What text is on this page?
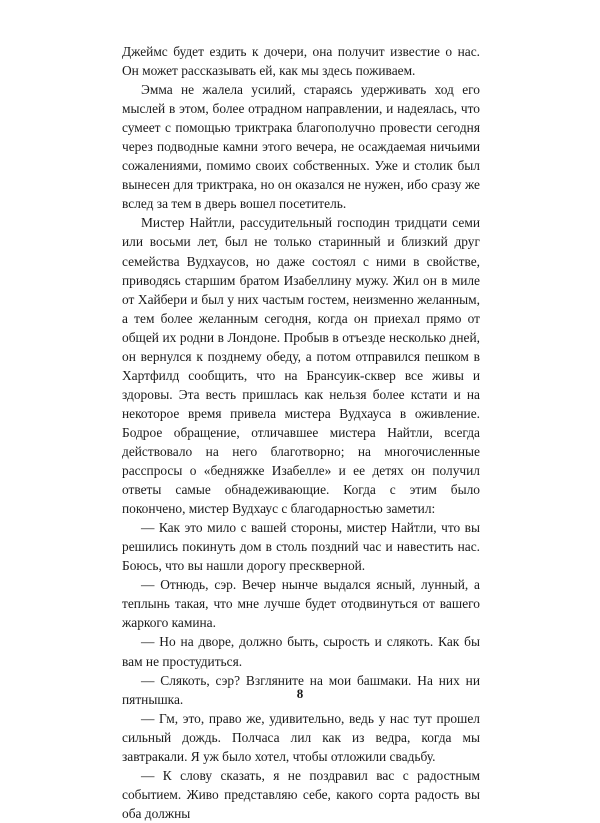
Джеймс будет ездить к дочери, она получит известие о нас. Он может рассказывать ей, как мы здесь поживаем.

Эмма не жалела усилий, стараясь удерживать ход его мыслей в этом, более отрадном направлении, и надеялась, что сумеет с помощью триктрака благополучно провести сегодня через подводные камни этого вечера, не осаждаемая ничьими сожалениями, помимо своих собственных. Уже и столик был вынесен для триктрака, но он оказался не нужен, ибо сразу же вслед за тем в дверь вошел посетитель.

Мистер Найтли, рассудительный господин тридцати семи или восьми лет, был не только старинный и близкий друг семейства Вудхаусов, но даже состоял с ними в свойстве, приводясь старшим братом Изабеллину мужу. Жил он в миле от Хайбери и был у них частым гостем, неизменно желанным, а тем более желанным сегодня, когда он приехал прямо от общей их родни в Лондоне. Пробыв в отъезде несколько дней, он вернулся к позднему обеду, а потом отправился пешком в Хартфилд сообщить, что на Брансуик-сквер все живы и здоровы. Эта весть пришлась как нельзя более кстати и на некоторое время привела мистера Вудхауса в оживление. Бодрое обращение, отличавшее мистера Найтли, всегда действовало на него благотворно; на многочисленные расспросы о «бедняжке Изабелле» и ее детях он получил ответы самые обнадеживающие. Когда с этим было покончено, мистер Вудхаус с благодарностью заметил:

— Как это мило с вашей стороны, мистер Найтли, что вы решились покинуть дом в столь поздний час и навестить нас. Боюсь, что вы нашли дорогу прескверной.

— Отнюдь, сэр. Вечер нынче выдался ясный, лунный, а теплынь такая, что мне лучше будет отодвинуться от вашего жаркого камина.

— Но на дворе, должно быть, сырость и слякоть. Как бы вам не простудиться.

— Слякоть, сэр? Взгляните на мои башмаки. На них ни пятнышка.

— Гм, это, право же, удивительно, ведь у нас тут прошел сильный дождь. Полчаса лил как из ведра, когда мы завтракали. Я уж было хотел, чтобы отложили свадьбу.

— К слову сказать, я не поздравил вас с радостным событием. Живо представляю себе, какого сорта радость вы оба должны

8
